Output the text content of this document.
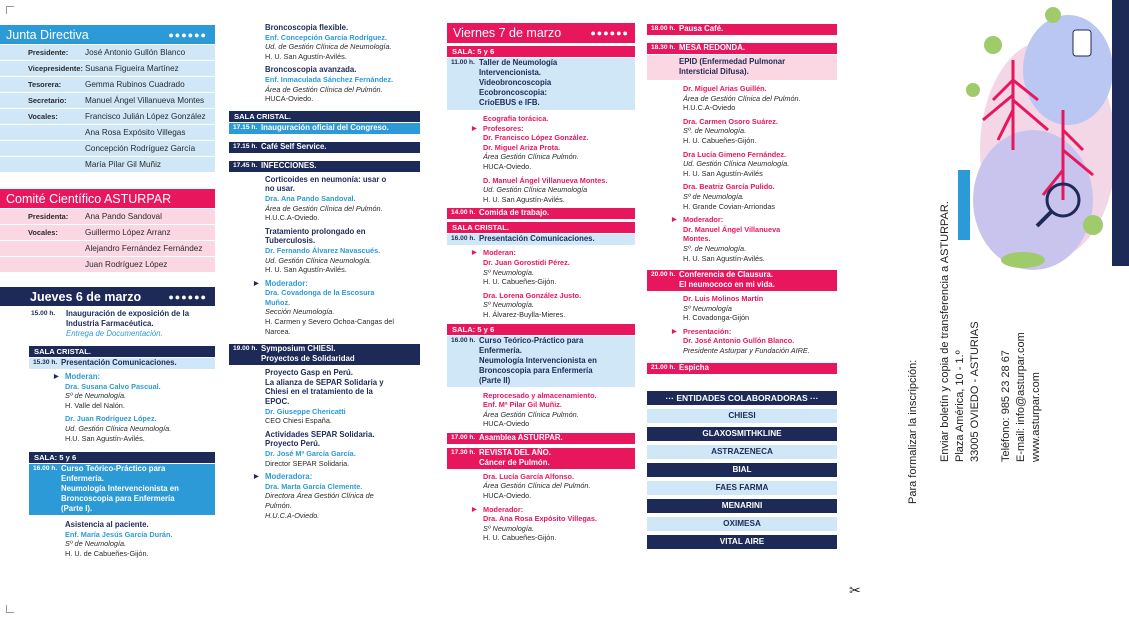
Junta Directiva	●●●●●●
Presidente:	José Antonio Gullón Blanco
Vicepresidente: Susana Figueira Martínez
Tesorera:	Gemma Rubinos Cuadrado
Secretario:	Manuel Ángel Villanueva Montes
Vocales:	Francisco Julián López González
Ana Rosa Expósito Villegas
Concepción Rodríguez García
María Pilar Gil Muñiz
Comité Científico ASTURPAR
Presidenta:	Ana Pando Sandoval
Vocales:	Guillermo López Arranz
Alejandro Fernández Fernández
Juan Rodríguez López
Jueves 6 de marzo	●●●●●●
15.00 h.	Inauguración de exposición de la
Industria Farmacéutica.
Entrega de Documentación.
SALA CRISTAL.
15.30 h. Presentación Comunicaciones.
▶ Moderan:
Dra. Susana Calvo Pascual.
Sº de Neumología.
H. Valle del Nalón.
Dr. Juan Rodríguez López.
Ud. Gestión Clínica Neumología.
H.U. San Agustín-Avilés.
SALA: 5 y 6
16.00 h. Curso Teórico-Práctico para
Enfermería.
Neumología Intervencionista en
Broncoscopia para Enfermería
(Parte I).
Asistencia al paciente.
Enf. María Jesús García Durán.
Sº de Neumología.
H. U. de Cabueñes-Gijón.
Broncoscopia flexible.
Enf. Concepción García Rodríguez.
Ud. de Gestión Clínica de Neumología.
H. U. San Agustín-Avilés.
Broncoscopia avanzada.
Enf. Inmaculada Sánchez Fernández.
Área de Gestión Clínica del Pulmón.
HUCA-Oviedo.
SALA CRISTAL.
17.15 h. Inauguración oficial del Congreso.
17.15 h. Café Self Service.
17.45 h. INFECCIONES.
Corticoides en neumonía: usar o
no usar.
Dra. Ana Pando Sandoval.
Área de Gestión Clínica del Pulmón.
H.U.C.A-Oviedo.
Tratamiento prolongado en
Tuberculosis.
Dr. Fernando Álvarez Navascués.
Ud. Gestión Clínica Neumología.
H. U. San Agustín-Avilés.
▶ Moderador:
Dra. Covadonga de la Escosura
Muñoz.
Sección Neumología.
H. Carmen y Severo Ochoa-Cangas del
Narcea.
19.00 h. Symposium CHIESI.
Proyectos de Solidaridad
Proyecto Gasp en Perú.
La alianza de SEPAR Solidaria y
Chiesi en el tratamiento de la
EPOC.
Dr. Giuseppe Chericatti
CEO Chiesi España.
Actividades SEPAR Solidaria.
Proyecto Perú.
Dr. José Mª García García.
Director SEPAR Solidaria.
▶ Moderadora:
Dra. Marta García Clemente.
Directora Área Gestión Clínica de
Pulmón.
H.U.C.A-Oviedo.
Viernes 7 de marzo	●●●●●●
SALA: 5 y 6
11.00 h. Taller de Neumología
Intervencionista.
Videobroncoscopia
Ecobroncoscopia:
CrioEBUS e IFB.
Ecografía torácica.
▶ Profesores:
Dr. Francisco López González.
Dr. Miguel Ariza Prota.
Área Gestión Clínica Pulmón.
HUCA-Oviedo.
D. Manuel Ángel Villanueva Montes.
Ud. Gestión Clínica Neumología
H. U. San Agustín-Avilés.
14.00 h. Comida de trabajo.
SALA CRISTAL.
16.00 h. Presentación Comunicaciones.
▶ Moderan:
Dr. Juan Gorostidi Pérez.
Sº Neumología.
H. U. Cabueñes-Gijón.
Dra. Lorena González Justo.
Sº Neumología.
H. Álvarez-Buylla-Mieres.
SALA: 5 y 6
16.00 h. Curso Teórico-Práctico para
Enfermería.
Neumología Intervencionista en
Broncoscopia para Enfermería
(Parte II)
Reprocesado y almacenamiento.
Enf. Mª Pilar Gil Muñiz.
Área Gestión Clínica Pulmón.
HUCA-Oviedo
17.00 h. Asamblea ASTURPAR.
17.30 h. REVISTA DEL AÑO.
Cáncer de Pulmón.
Dra. Lucía García Alfonso.
Área Gestión Clínica del Pulmón.
HUCA-Oviedo.
▶ Moderador:
Dra. Ana Rosa Expósito Villegas.
Sº Neumología.
H. U. Cabueñes-Gijón.
18.00 h. Pausa Café.
18.30 h. MESA REDONDA.
EPID (Enfermedad Pulmonar
Intersticial Difusa).
Dr. Miguel Arias Guillén.
Área de Gestión Clínica del Pulmón.
H.U.C.A-Oviedo
Dra. Carmen Osoro Suárez.
Sº. de Neumología.
H. U. Cabueñes-Gijón.
Dra Lucía Gimeno Fernández.
Ud. Gestión Clínica Neumología.
H. U. San Agustín-Avilés
Dra. Beatriz García Pulido.
Sº de Neumología.
H. Grande Covian-Arriondas
▶ Moderador:
Dr. Manuel Ángel Villanueva
Montes.
Sº. de Neumología.
H. U. San Agustín-Avilés.
20.00 h. Conferencia de Clausura.
El neumococo en mi vida.
Dr. Luis Molinos Martín
Sº Neumología
H. Covadonga-Gijón
▶ Presentación:
Dr. José Antonio Gullón Blanco.
Presidente Asturpar y Fundación AIRE.
21.00 h. Espicha
··· ENTIDADES COLABORADORAS ···
CHIESI
GLAXOSMITHKLINE
ASTRAZENECA
BIAL
FAES FARMA
MENARINI
OXIMESA
VITAL AIRE
✂
Para formalizar la inscripción: Enviar boletín y copia de transferencia a ASTURPAR. Plaza América, 10 - 1.º 33005 OVIEDO - ASTURIAS Teléfono: 985 23 28 67 E-mail: info@asturpar.com www.asturpar.com
